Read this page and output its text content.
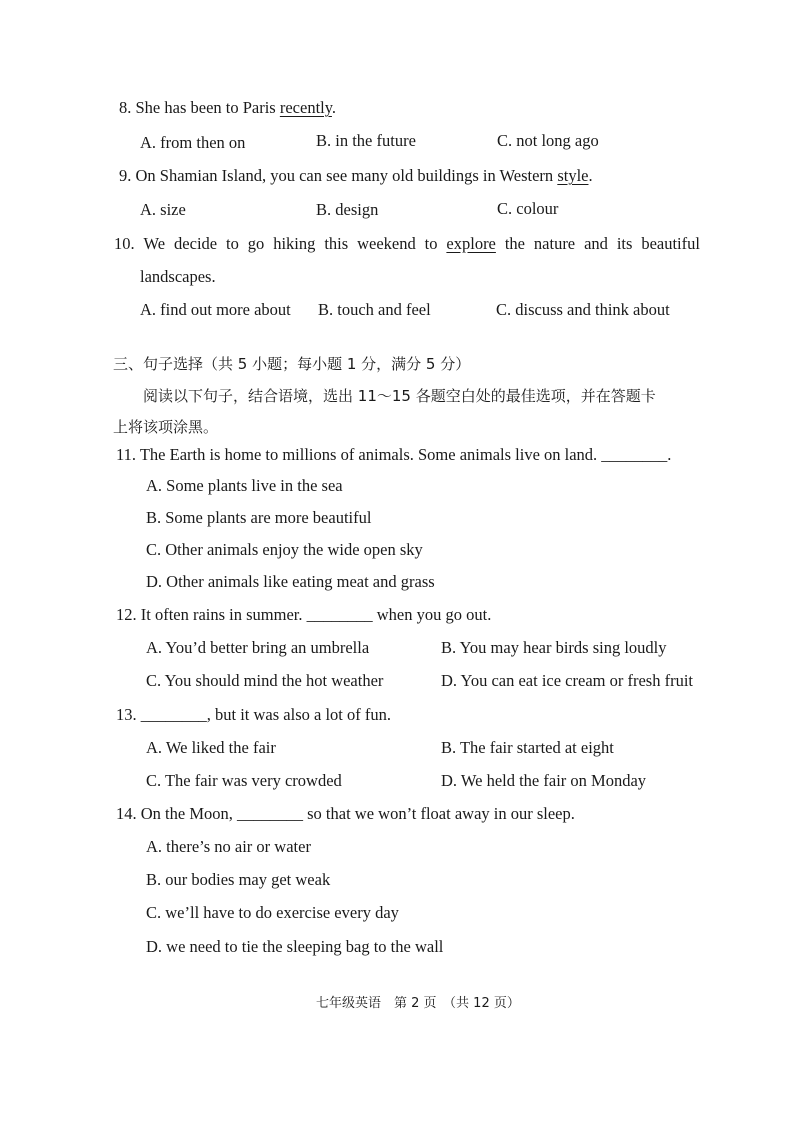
8. She has been to Paris recently.
A. from then on	B. in the future	C. not long ago
9. On Shamian Island, you can see many old buildings in Western style.
A. size	B. design	C. colour
10. We decide to go hiking this weekend to explore the nature and its beautiful
landscapes.
A. find out more about B. touch and feel	C. discuss and think about
三、句子选择（共 5 小题；每小题 1 分，满分 5 分）
阅读以下句子，结合语境，选出 11～15 各题空白处的最佳选项，并在答题卡
上将该项涂黑。
11. The Earth is home to millions of animals. Some animals live on land. ________.
A. Some plants live in the sea
B. Some plants are more beautiful
C. Other animals enjoy the wide open sky
D. Other animals like eating meat and grass
12. It often rains in summer. ________ when you go out.
A. You’d better bring an umbrella	B. You may hear birds sing loudly
C. You should mind the hot weather	D. You can eat ice cream or fresh fruit
13. ________, but it was also a lot of fun.
A. We liked the fair	B. The fair started at eight
C. The fair was very crowded	D. We held the fair on Monday
14. On the Moon, ________ so that we won’t float away in our sleep.
A. there’s no air or water
B. our bodies may get weak
C. we’ll have to do exercise every day
D. we need to tie the sleeping bag to the wall
七年级英语　第 2 页　（共 12 页）
